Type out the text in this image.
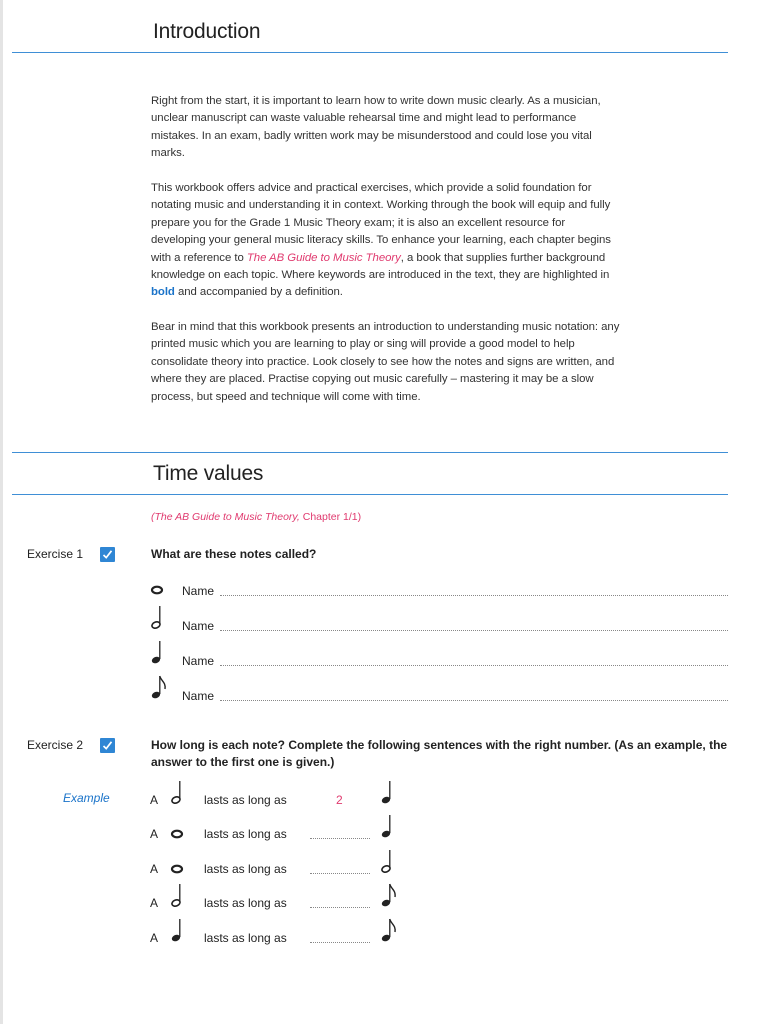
Introduction

Right from the start, it is important to learn how to write down music clearly. As a musician, unclear manuscript can waste valuable rehearsal time and might lead to performance mistakes. In an exam, badly written work may be misunderstood and could lose you vital marks.

This workbook offers advice and practical exercises, which provide a solid foundation for notating music and understanding it in context. Working through the book will equip and fully prepare you for the Grade 1 Music Theory exam; it is also an excellent resource for developing your general music literacy skills. To enhance your learning, each chapter begins with a reference to The AB Guide to Music Theory, a book that supplies further background knowledge on each topic. Where keywords are introduced in the text, they are highlighted in bold and accompanied by a definition.

Bear in mind that this workbook presents an introduction to understanding music notation: any printed music which you are learning to play or sing will provide a good model to help consolidate theory into practice. Look closely to see how the notes and signs are written, and where they are placed. Practise copying out music carefully – mastering it may be a slow process, but speed and technique will come with time.

Time values
(The AB Guide to Music Theory, Chapter 1/1)
Exercise 1	What are these notes called?
Name
Name
Name
Name
Exercise 2	How long is each note? Complete the following sentences with the right number. (As an example, the answer to the first one is given.)
Example	A	lasts as long as	2
A	lasts as long as
A	lasts as long as
A	lasts as long as
A	lasts as long as
